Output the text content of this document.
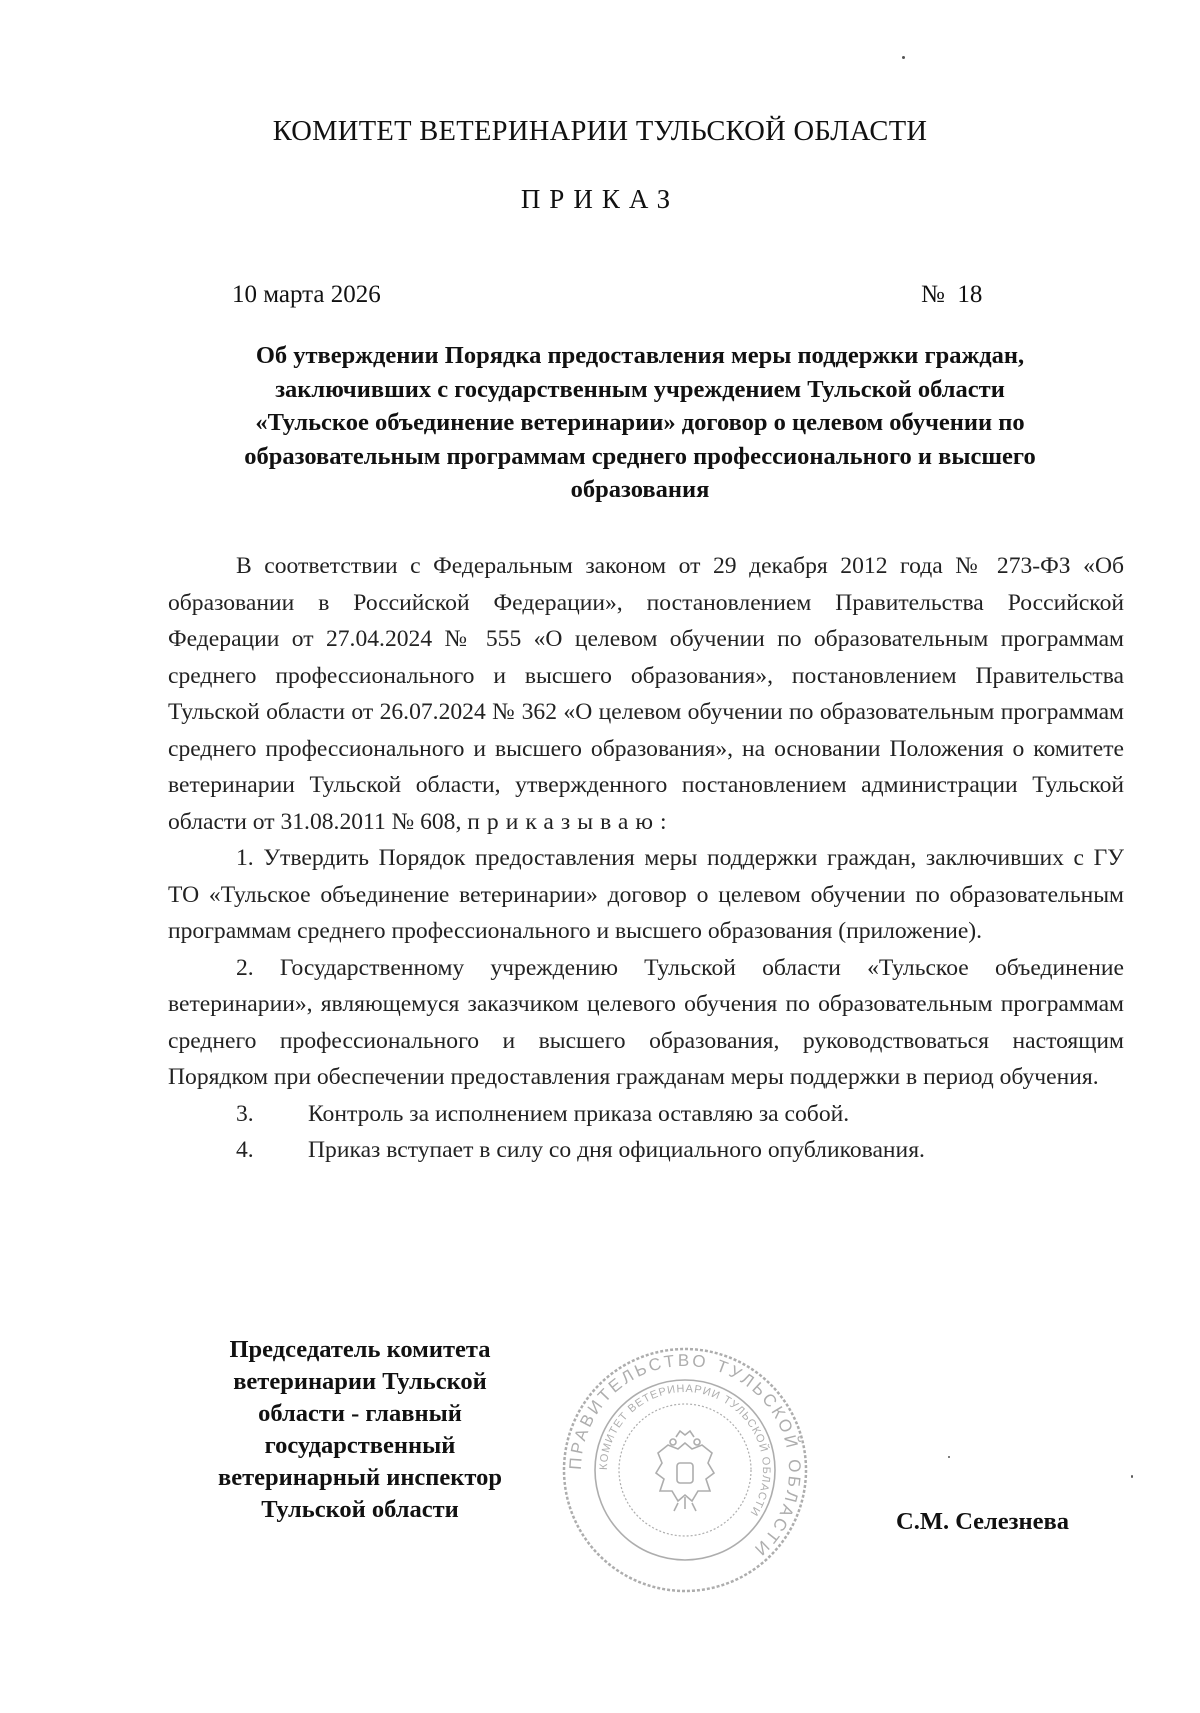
КОМИТЕТ ВЕТЕРИНАРИИ ТУЛЬСКОЙ ОБЛАСТИ
ПРИКАЗ
10 марта 2026	№  18
Об утверждении Порядка предоставления меры поддержки граждан,
заключивших с государственным учреждением Тульской области
«Тульское объединение ветеринарии» договор о целевом обучении по
образовательным программам среднего профессионального и высшего
образования

В соответствии с Федеральным законом от 29 декабря 2012 года № 273-ФЗ «Об образовании в Российской Федерации», постановлением Правительства Российской Федерации от 27.04.2024 № 555 «О целевом обучении по образовательным программам среднего профессионального и высшего образования», постановлением Правительства Тульской области от 26.07.2024 № 362 «О целевом обучении по образовательным программам среднего профессионального и высшего образования», на основании Положения о комитете ветеринарии Тульской области, утвержденного постановлением администрации Тульской области от 31.08.2011 № 608, приказываю:

1. Утвердить Порядок предоставления меры поддержки граждан, заключивших с ГУ ТО «Тульское объединение ветеринарии» договор о целевом обучении по образовательным программам среднего профессионального и высшего образования (приложение).

2. Государственному учреждению Тульской области «Тульское объединение ветеринарии», являющемуся заказчиком целевого обучения по образовательным программам среднего профессионального и высшего образования, руководствоваться настоящим Порядком при обеспечении предоставления гражданам меры поддержки в период обучения.

3. Контроль за исполнением приказа оставляю за собой.
4. Приказ вступает в силу со дня официального опубликования.
Председатель комитета
ветеринарии Тульской
области - главный
государственный
ветеринарный инспектор
Тульской области
ПРАВИТЕЛЬСТВО ТУЛЬСКОЙ ОБЛАСТИ
КОМИТЕТ ВЕТЕРИНАРИИ ТУЛЬСКОЙ ОБЛАСТИ	С.М. Селезнева
